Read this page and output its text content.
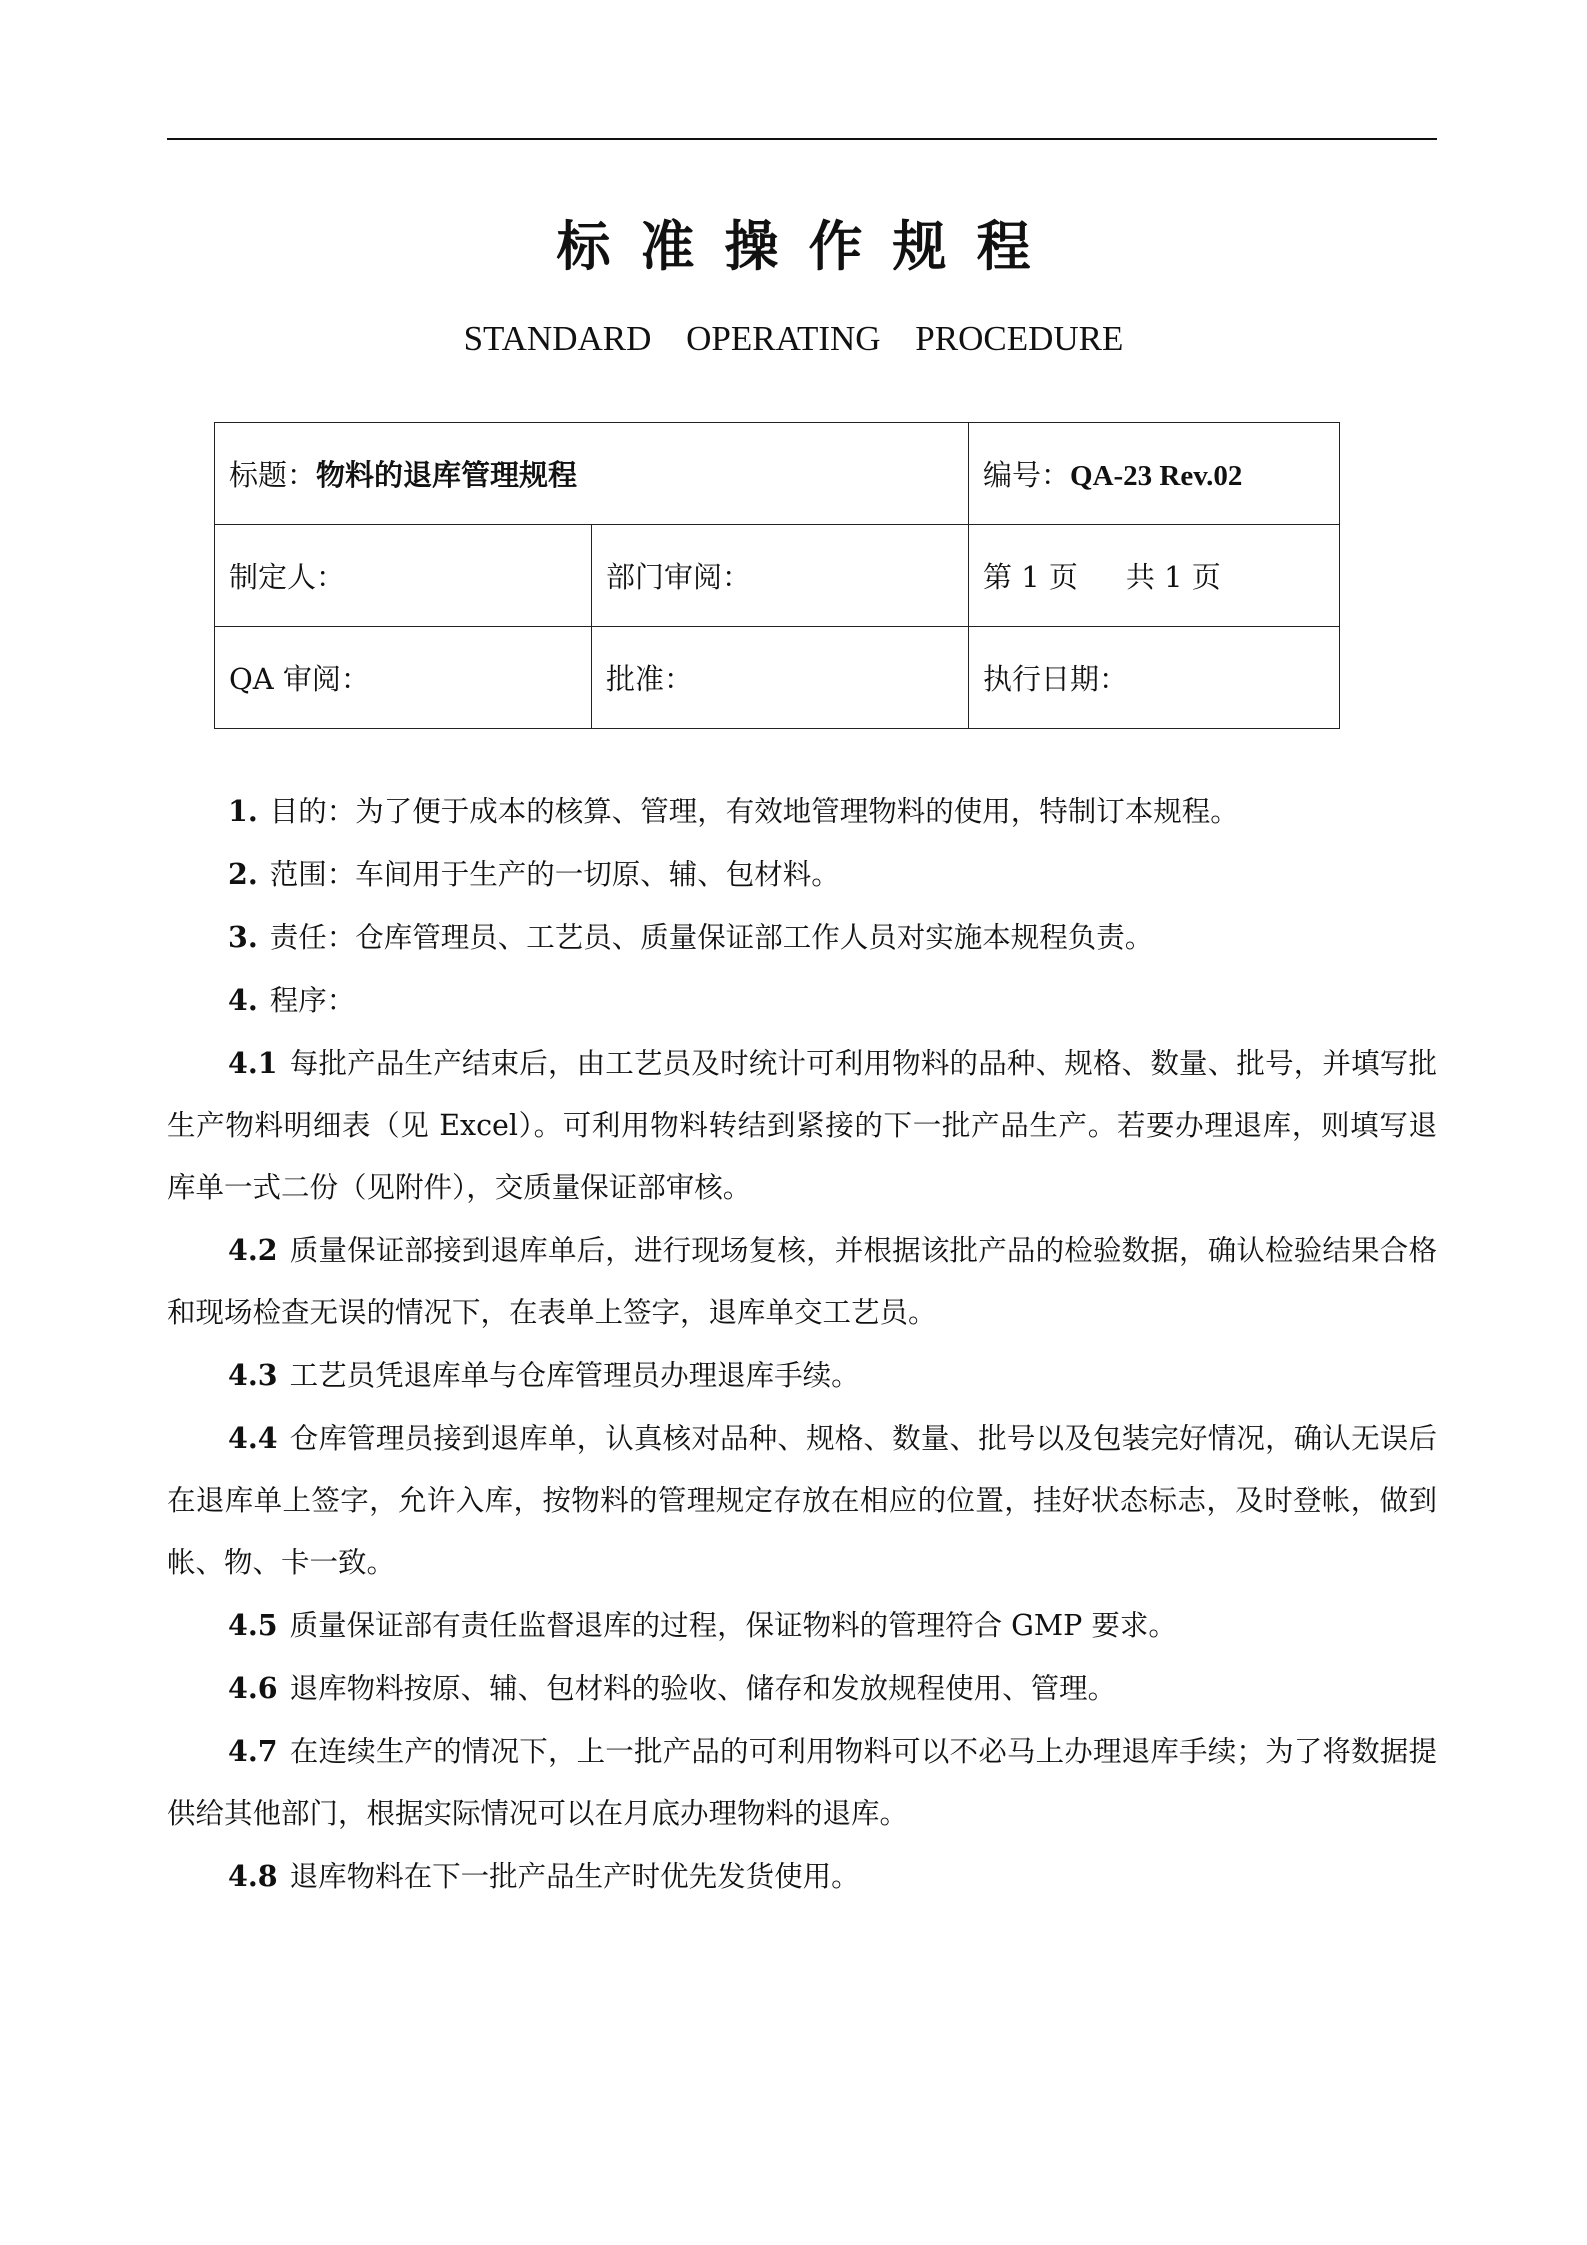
标准操作规程
STANDARD OPERATING PROCEDURE
标题：物料的退库管理规程		编号：QA-23 Rev.02
制定人：	部门审阅：	第 1 页 共 1 页
QA 审阅：	批准：	执行日期：

1. 目的：为了便于成本的核算、管理，有效地管理物料的使用，特制订本规程。

2. 范围：车间用于生产的一切原、辅、包材料。

3. 责任：仓库管理员、工艺员、质量保证部工作人员对实施本规程负责。

4. 程序：

4.1 每批产品生产结束后，由工艺员及时统计可利用物料的品种、规格、数量、批号，并填写批生产物料明细表（见 Excel）。可利用物料转结到紧接的下一批产品生产。若要办理退库，则填写退库单一式二份（见附件），交质量保证部审核。

4.2 质量保证部接到退库单后，进行现场复核，并根据该批产品的检验数据，确认检验结果合格和现场检查无误的情况下，在表单上签字，退库单交工艺员。

4.3 工艺员凭退库单与仓库管理员办理退库手续。

4.4 仓库管理员接到退库单，认真核对品种、规格、数量、批号以及包装完好情况，确认无误后在退库单上签字，允许入库，按物料的管理规定存放在相应的位置，挂好状态标志，及时登帐，做到帐、物、卡一致。

4.5 质量保证部有责任监督退库的过程，保证物料的管理符合 GMP 要求。

4.6 退库物料按原、辅、包材料的验收、储存和发放规程使用、管理。

4.7 在连续生产的情况下，上一批产品的可利用物料可以不必马上办理退库手续；为了将数据提供给其他部门，根据实际情况可以在月底办理物料的退库。

4.8 退库物料在下一批产品生产时优先发货使用。
